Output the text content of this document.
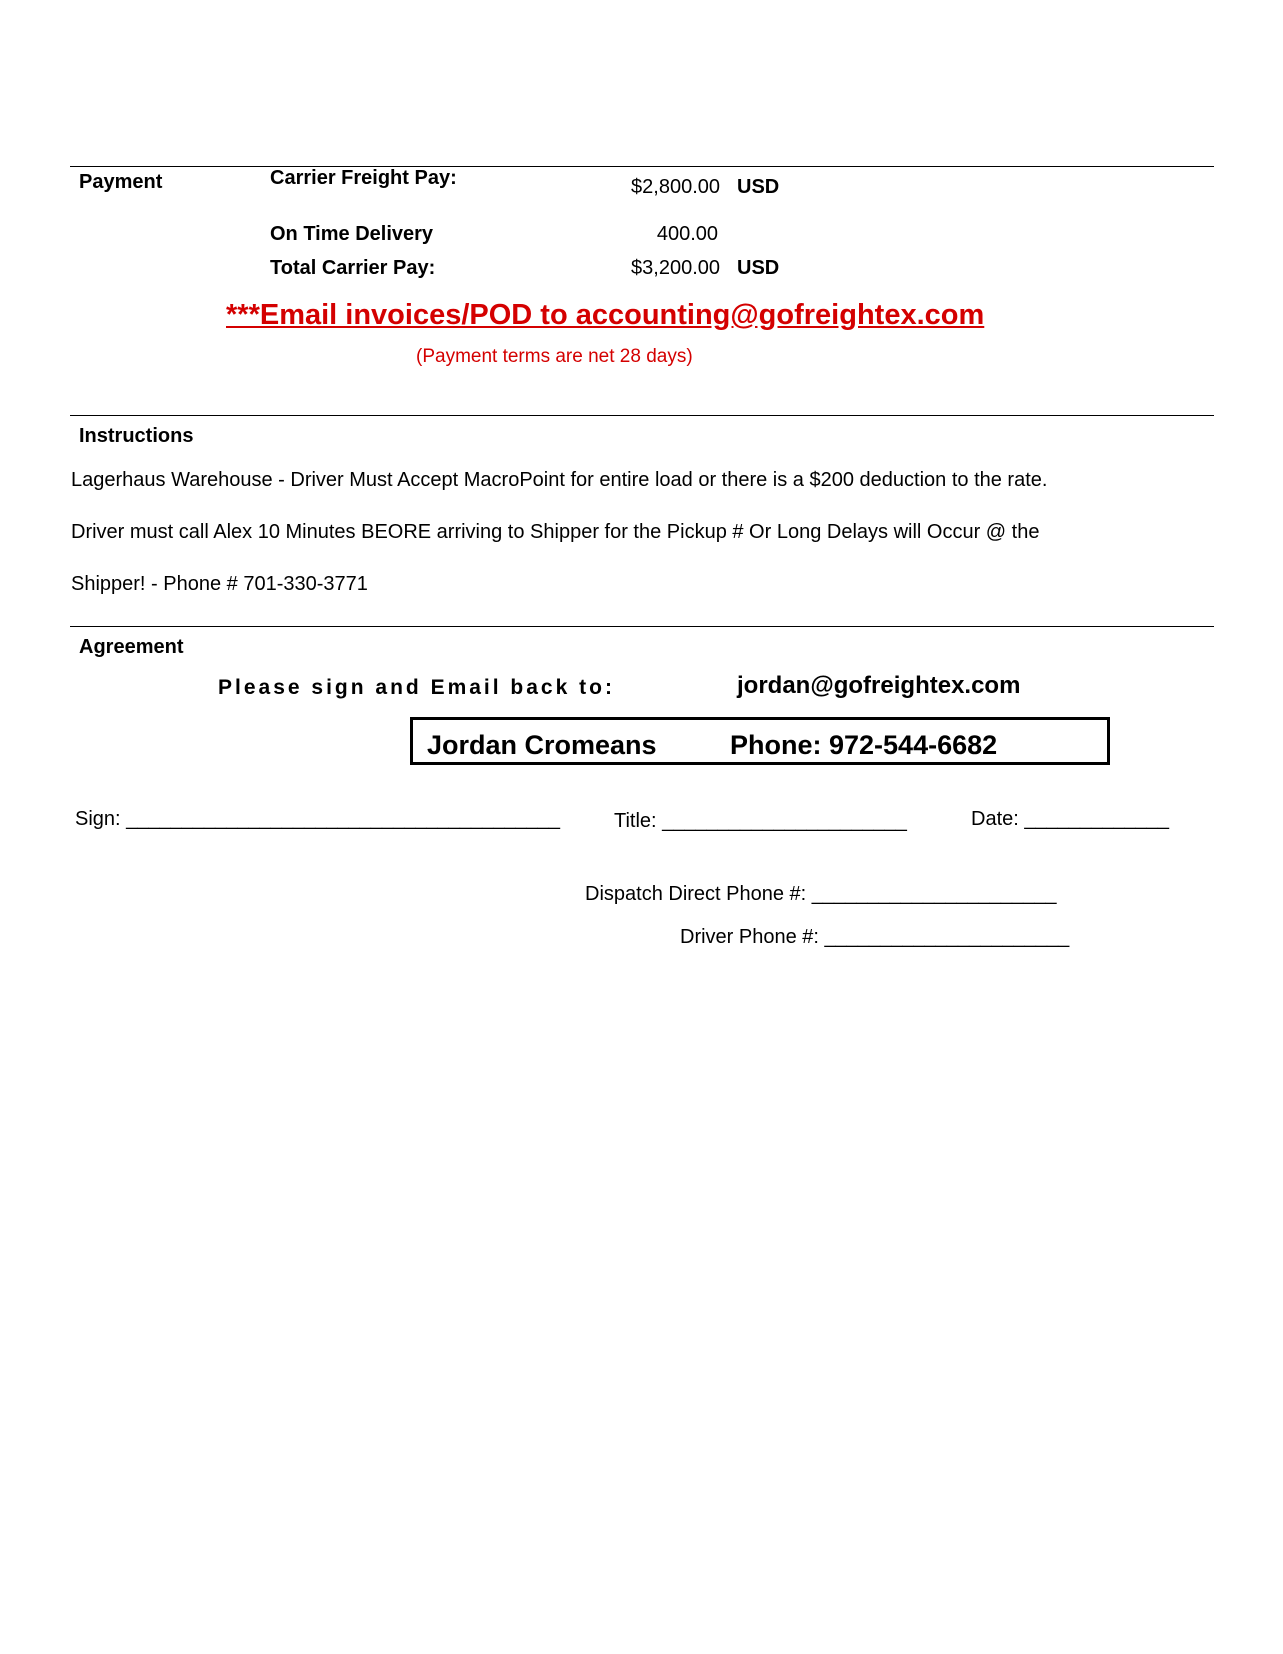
Payment	Carrier Freight Pay:	$2,800.00 USD
On Time Delivery	400.00
Total Carrier Pay:	$3,200.00 USD
***Email invoices/POD to accounting@gofreightex.com
(Payment terms are net 28 days)
Instructions
Lagerhaus Warehouse - Driver Must Accept MacroPoint for entire load or there is a $200 deduction to the rate.
Driver must call Alex 10 Minutes BEORE arriving to Shipper for the Pickup # Or Long Delays will Occur @ the
Shipper! - Phone # 701-330-3771
Agreement
Please sign and Email back to:	jordan@gofreightex.com
Jordan Cromeans	Phone: 972-544-6682
Sign: _______________________________________	Title: ______________________	Date: _____________
Dispatch Direct Phone #: ______________________
Driver Phone #: ______________________
